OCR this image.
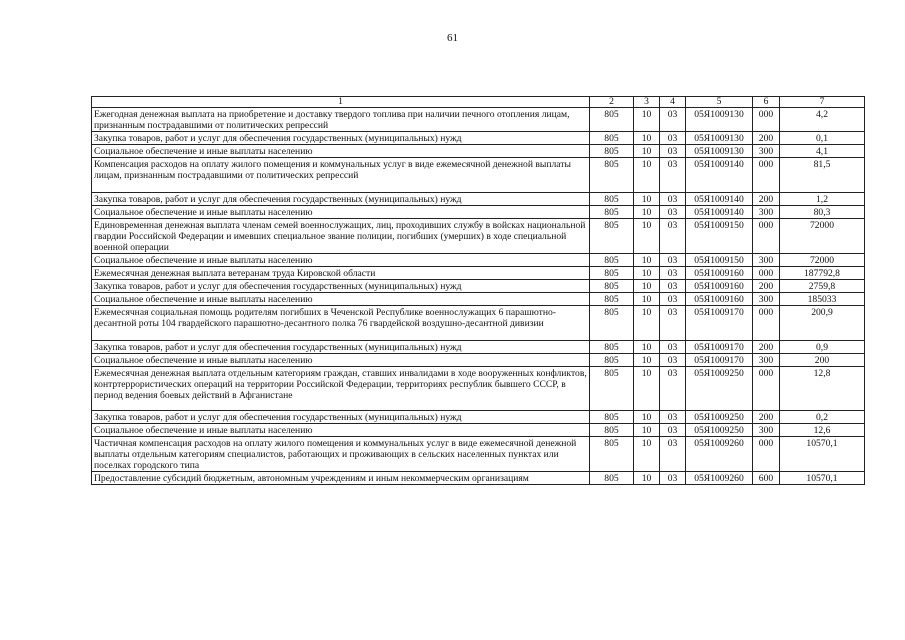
61
1	2	3	4	5	6	7
Ежегодная денежная выплата на приобретение и доставку твердого топлива при наличии печного отопления лицам, признанным пострадавшими от политических репрессий	805	10	03	05Я1009130	000	4,2
Закупка товаров, работ и услуг для обеспечения государственных (муниципальных) нужд	805	10	03	05Я1009130	200	0,1
Социальное обеспечение и иные выплаты населению	805	10	03	05Я1009130	300	4,1
Компенсация расходов на оплату жилого помещения и коммунальных услуг в виде ежемесячной денежной выплаты лицам, признанным пострадавшими от политических репрессий	805	10	03	05Я1009140	000	81,5
Закупка товаров, работ и услуг для обеспечения государственных (муниципальных) нужд	805	10	03	05Я1009140	200	1,2
Социальное обеспечение и иные выплаты населению	805	10	03	05Я1009140	300	80,3
Единовременная денежная выплата членам семей военнослужащих, лиц, проходивших службу в войсках национальной гвардии Российской Федерации и имевших специальное звание полиции, погибших (умерших) в ходе специальной военной операции	805	10	03	05Я1009150	000	72000
Социальное обеспечение и иные выплаты населению	805	10	03	05Я1009150	300	72000
Ежемесячная денежная выплата ветеранам труда Кировской области	805	10	03	05Я1009160	000	187792,8
Закупка товаров, работ и услуг для обеспечения государственных (муниципальных) нужд	805	10	03	05Я1009160	200	2759,8
Социальное обеспечение и иные выплаты населению	805	10	03	05Я1009160	300	185033
Ежемесячная социальная помощь родителям погибших в Чеченской Республике военнослужащих 6 парашютно-десантной роты 104 гвардейского парашютно-десантного полка 76 гвардейской воздушно-десантной дивизии	805	10	03	05Я1009170	000	200,9
Закупка товаров, работ и услуг для обеспечения государственных (муниципальных) нужд	805	10	03	05Я1009170	200	0,9
Социальное обеспечение и иные выплаты населению	805	10	03	05Я1009170	300	200
Ежемесячная денежная выплата отдельным категориям граждан, ставших инвалидами в ходе вооруженных конфликтов, контртеррористических операций на территории Российской Федерации, территориях республик бывшего СССР, в период ведения боевых действий в Афганистане	805	10	03	05Я1009250	000	12,8
Закупка товаров, работ и услуг для обеспечения государственных (муниципальных) нужд	805	10	03	05Я1009250	200	0,2
Социальное обеспечение и иные выплаты населению	805	10	03	05Я1009250	300	12,6
Частичная компенсация расходов на оплату жилого помещения и коммунальных услуг в виде ежемесячной денежной выплаты отдельным категориям специалистов, работающих и проживающих в сельских населенных пунктах или поселках городского типа	805	10	03	05Я1009260	000	10570,1
Предоставление субсидий бюджетным, автономным учреждениям и иным некоммерческим организациям	805	10	03	05Я1009260	600	10570,1
